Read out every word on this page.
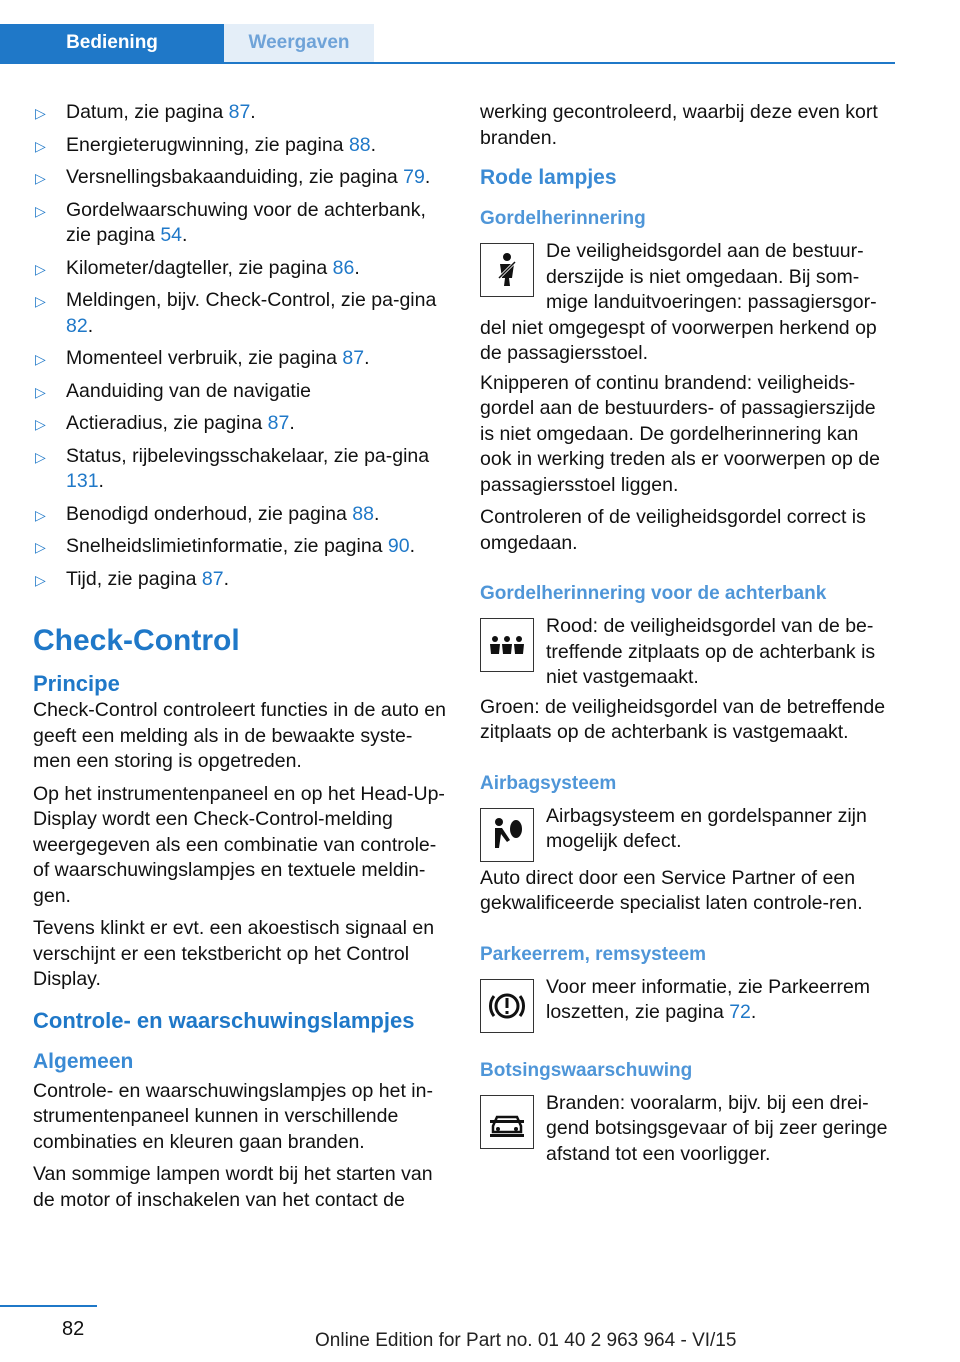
Bediening	Weergaven
▷ Datum, zie pagina 87.
▷ Energieterugwinning, zie pagina 88.
▷ Versnellingsbakaanduiding, zie pagina 79.
▷ Gordelwaarschuwing voor de achterbank, zie pagina 54.
▷ Kilometer/dagteller, zie pagina 86.
▷ Meldingen, bijv. Check-Control, zie pa-gina 82.
▷ Momenteel verbruik, zie pagina 87.
▷ Aanduiding van de navigatie
▷ Actieradius, zie pagina 87.
▷ Status, rijbelevingsschakelaar, zie pa-gina 131.
▷ Benodigd onderhoud, zie pagina 88.
▷ Snelheidslimietinformatie, zie pagina 90.
▷ Tijd, zie pagina 87.
Check-Control
Principe

Check-Control controleert functies in de auto en geeft een melding als in de bewaakte syste-men een storing is opgetreden.

Op het instrumentenpaneel en op het Head-Up-Display wordt een Check-Control-melding weergegeven als een combinatie van controle- of waarschuwingslampjes en textuele meldin-gen.

Tevens klinkt er evt. een akoestisch signaal en verschijnt er een tekstbericht op het Control Display.

Controle- en waarschuwingslampjes
Algemeen

Controle- en waarschuwingslampjes op het in-strumentenpaneel kunnen in verschillende combinaties en kleuren gaan branden.

Van sommige lampen wordt bij het starten van de motor of inschakelen van het contact de

werking gecontroleerd, waarbij deze even kort branden.

Rode lampjes
Gordelherinnering
De veiligheidsgordel aan de bestuur-derszijde is niet omgedaan. Bij som-mige landuitvoeringen: passagiersgor-del niet omgegespt of voorwerpen herkend op de passagiersstoel.

Knipperen of continu brandend: veiligheids-gordel aan de bestuurders- of passagierszijde is niet omgedaan. De gordelherinnering kan ook in werking treden als er voorwerpen op de passagiersstoel liggen.

Controleren of de veiligheidsgordel correct is omgedaan.

Gordelherinnering voor de achterbank
Rood: de veiligheidsgordel van de be-treffende zitplaats op de achterbank is niet vastgemaakt.

Groen: de veiligheidsgordel van de betreffende zitplaats op de achterbank is vastgemaakt.

Airbagsysteem
Airbagsysteem en gordelspanner zijn mogelijk defect.

Auto direct door een Service Partner of een gekwalificeerde specialist laten controle-ren.

Parkeerrem, remsysteem
Voor meer informatie, zie Parkeerrem loszetten, zie pagina 72.
Botsingswaarschuwing
Branden: vooralarm, bijv. bij een drei-gend botsingsgevaar of bij zeer geringe afstand tot een voorligger.
82
Online Edition for Part no. 01 40 2 963 964 - VI/15
